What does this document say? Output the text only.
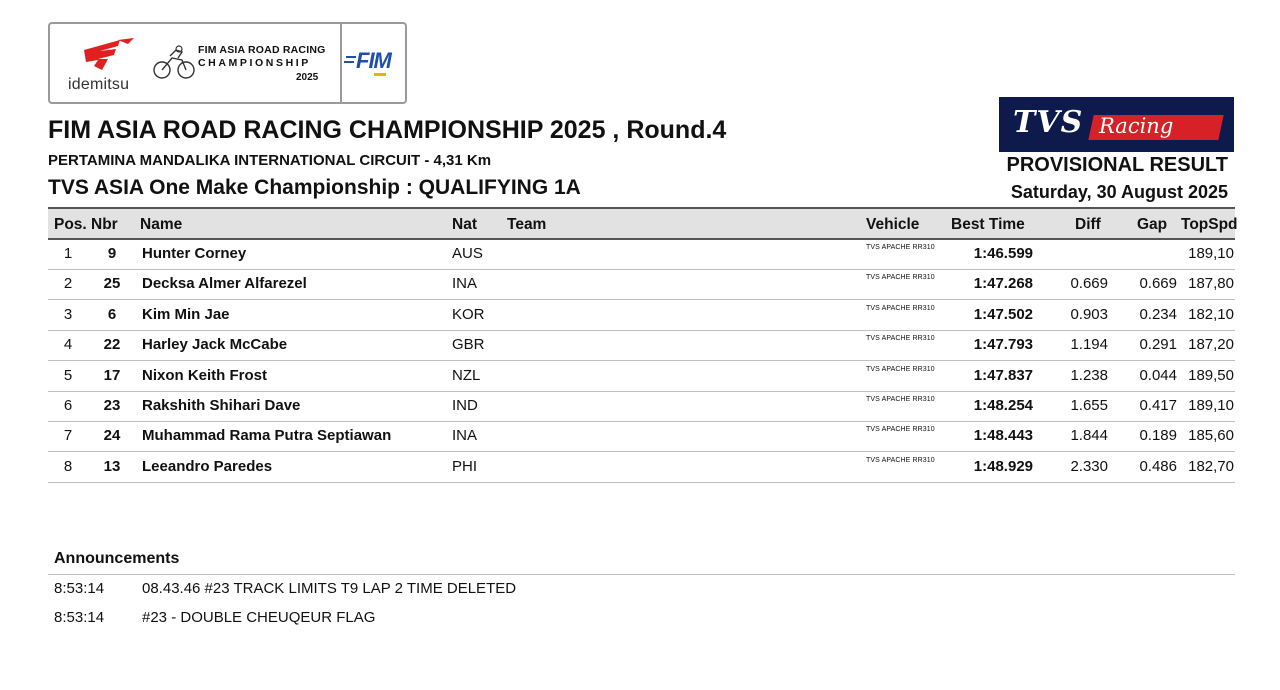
idemitsu
FIM ASIA ROAD RACING
CHAMPIONSHIP
2025
FIM
FIM ASIA ROAD RACING CHAMPIONSHIP 2025 , Round.4
PERTAMINA MANDALIKA INTERNATIONAL CIRCUIT - 4,31 Km
TVS ASIA One Make Championship : QUALIFYING 1A
TVS Racing
PROVISIONAL RESULT
Saturday, 30 August 2025
Pos. Nbr Name	Nat Team	Vehicle Best Time	Diff Gap TopSpd
1	9	Hunter Corney	AUS	1:46.599	189,10
TVS APACHE RR310
2	25	Decksa Almer Alfarezel	INA	1:47.268	0.669	0.669 187,80
TVS APACHE RR310
3	6	Kim Min Jae	KOR	1:47.502	0.903	0.234 182,10
TVS APACHE RR310
4	22	Harley Jack McCabe	GBR	1:47.793	1.194	0.291 187,20
TVS APACHE RR310
5	17	Nixon Keith Frost	NZL	1:47.837	1.238	0.044 189,50
TVS APACHE RR310
6	23	Rakshith Shihari Dave	IND	1:48.254	1.655	0.417 189,10
TVS APACHE RR310
7	24	Muhammad Rama Putra Septiawan	INA	1:48.443	1.844	0.189 185,60
TVS APACHE RR310
8	13	Leeandro Paredes	PHI	1:48.929	2.330	0.486 182,70
TVS APACHE RR310
Announcements
8:53:14	08.43.46 #23 TRACK LIMITS T9 LAP 2 TIME DELETED
8:53:14	#23 - DOUBLE CHEUQEUR FLAG
